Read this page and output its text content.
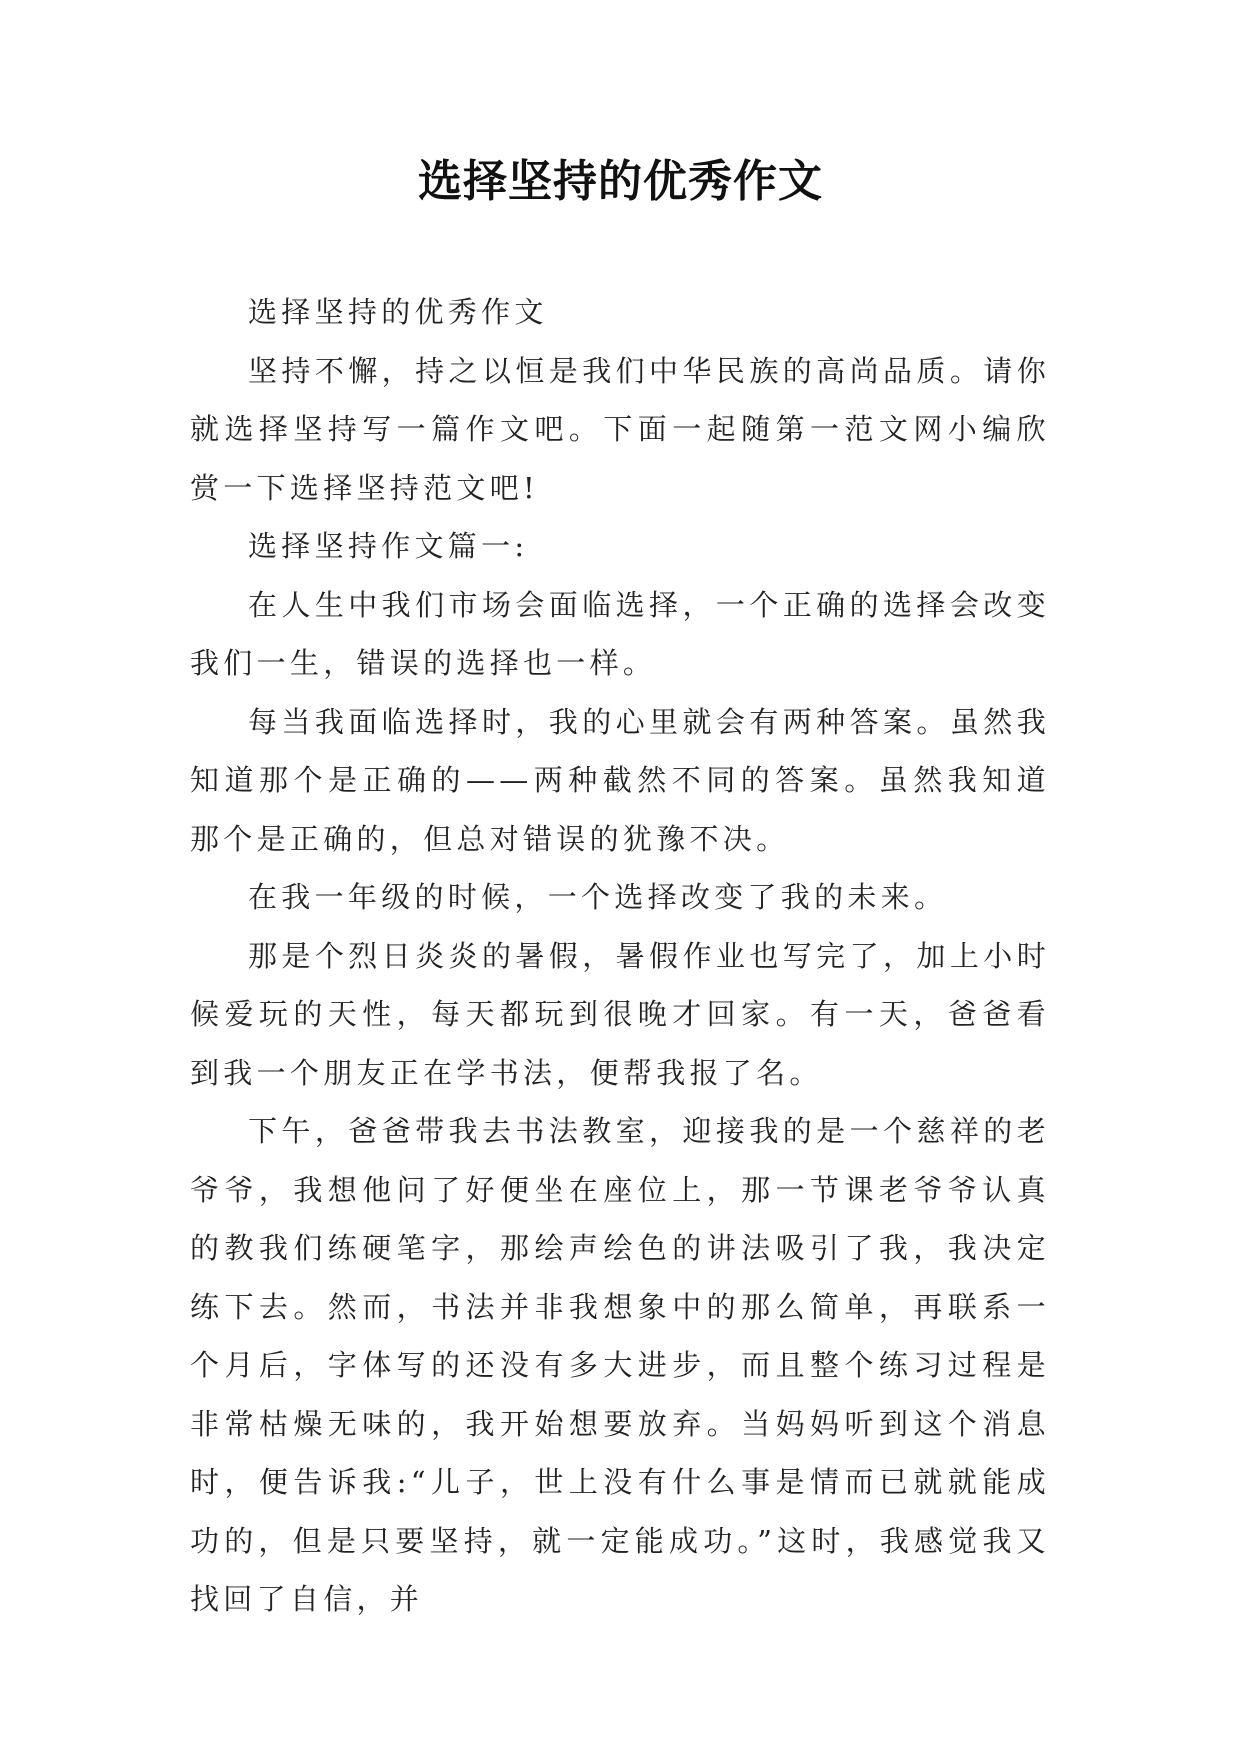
选择坚持的优秀作文

选择坚持的优秀作文

坚持不懈，持之以恒是我们中华民族的高尚品质。请你就选择坚持写一篇作文吧。下面一起随第一范文网小编欣赏一下选择坚持范文吧!

选择坚持作文篇一:

在人生中我们市场会面临选择，一个正确的选择会改变我们一生，错误的选择也一样。

每当我面临选择时，我的心里就会有两种答案。虽然我知道那个是正确的——两种截然不同的答案。虽然我知道那个是正确的，但总对错误的犹豫不决。

在我一年级的时候，一个选择改变了我的未来。

那是个烈日炎炎的暑假，暑假作业也写完了，加上小时候爱玩的天性，每天都玩到很晚才回家。有一天，爸爸看到我一个朋友正在学书法，便帮我报了名。

下午，爸爸带我去书法教室，迎接我的是一个慈祥的老爷爷，我想他问了好便坐在座位上，那一节课老爷爷认真的教我们练硬笔字，那绘声绘色的讲法吸引了我，我决定练下去。然而，书法并非我想象中的那么简单，再联系一个月后，字体写的还没有多大进步，而且整个练习过程是非常枯燥无味的，我开始想要放弃。当妈妈听到这个消息时，便告诉我:“儿子，世上没有什么事是情而已就就能成功的，但是只要坚持，就一定能成功。”这时，我感觉我又找回了自信，并
